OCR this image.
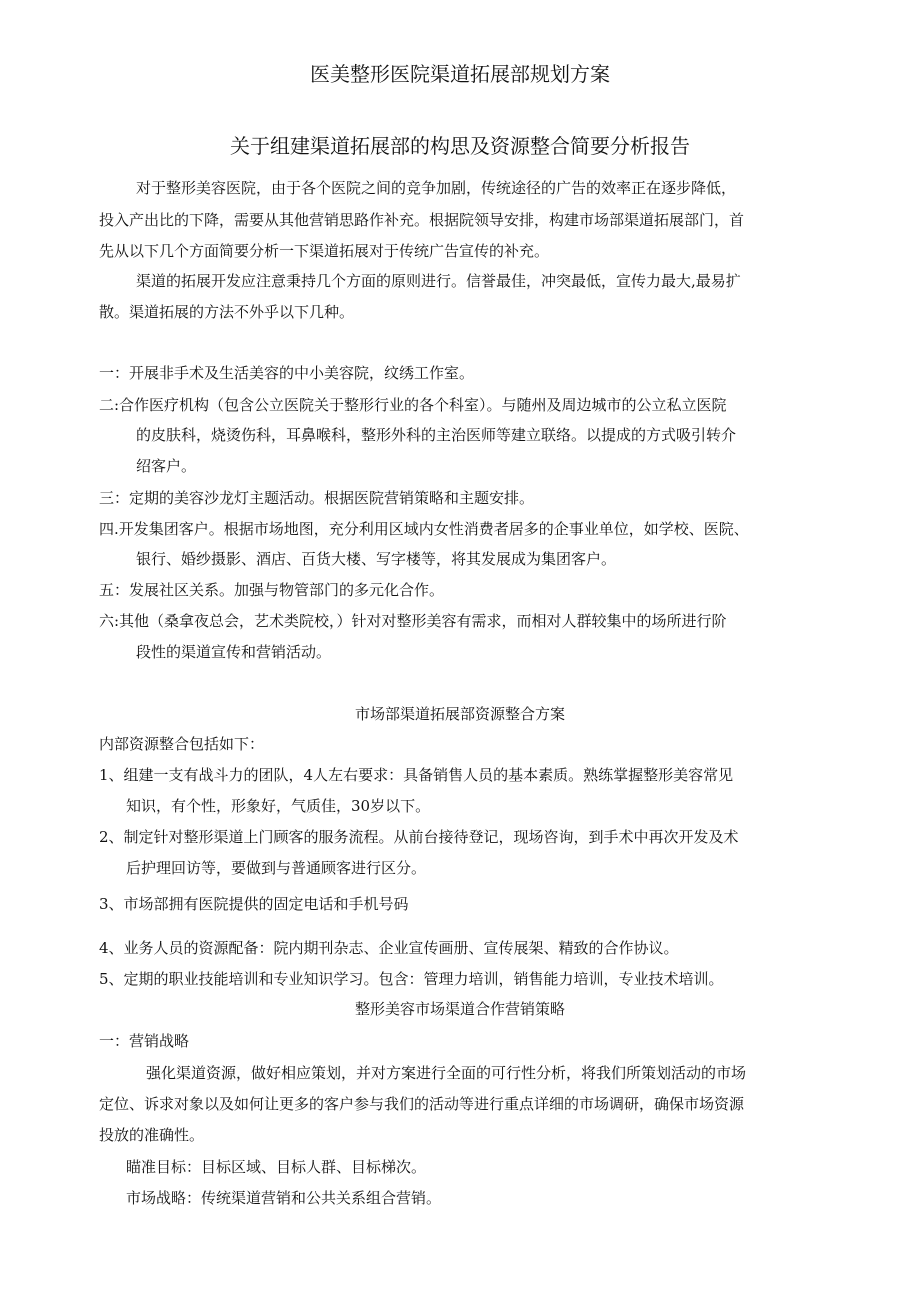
医美整形医院渠道拓展部规划方案

关于组建渠道拓展部的构思及资源整合简要分析报告

对于整形美容医院，由于各个医院之间的竞争加剧，传统途径的广告的效率正在逐步降低，

投入产出比的下降，需要从其他营销思路作补充。根据院领导安排，构建市场部渠道拓展部门，首

先从以下几个方面简要分析一下渠道拓展对于传统广告宣传的补充。

渠道的拓展开发应注意秉持几个方面的原则进行。信誉最佳，冲突最低，宣传力最大,最易扩

散。渠道拓展的方法不外乎以下几种。

一：开展非手术及生活美容的中小美容院，纹绣工作室。

二:合作医疗机构（包含公立医院关于整形行业的各个科室）。与随州及周边城市的公立私立医院

的皮肤科，烧烫伤科，耳鼻喉科，整形外科的主治医师等建立联络。以提成的方式吸引转介

绍客户。

三：定期的美容沙龙灯主题活动。根据医院营销策略和主题安排。

四.开发集团客户。根据市场地图，充分利用区域内女性消费者居多的企事业单位，如学校、医院、

银行、婚纱摄影、酒店、百货大楼、写字楼等，将其发展成为集团客户。

五：发展社区关系。加强与物管部门的多元化合作。

六:其他（桑拿夜总会，艺术类院校，）针对对整形美容有需求，而相对人群较集中的场所进行阶

段性的渠道宣传和营销活动。

市场部渠道拓展部资源整合方案

内部资源整合包括如下：

1、组建一支有战斗力的团队，4人左右要求：具备销售人员的基本素质。熟练掌握整形美容常见

知识，有个性，形象好，气质佳，30岁以下。

2、制定针对整形渠道上门顾客的服务流程。从前台接待登记，现场咨询，到手术中再次开发及术

后护理回访等，要做到与普通顾客进行区分。

3、市场部拥有医院提供的固定电话和手机号码

4、业务人员的资源配备：院内期刊杂志、企业宣传画册、宣传展架、精致的合作协议。

5、定期的职业技能培训和专业知识学习。包含：管理力培训，销售能力培训，专业技术培训。

整形美容市场渠道合作营销策略

一：营销战略

强化渠道资源，做好相应策划，并对方案进行全面的可行性分析，将我们所策划活动的市场

定位、诉求对象以及如何让更多的客户参与我们的活动等进行重点详细的市场调研，确保市场资源

投放的准确性。

瞄准目标：目标区域、目标人群、目标梯次。

市场战略：传统渠道营销和公共关系组合营销。
